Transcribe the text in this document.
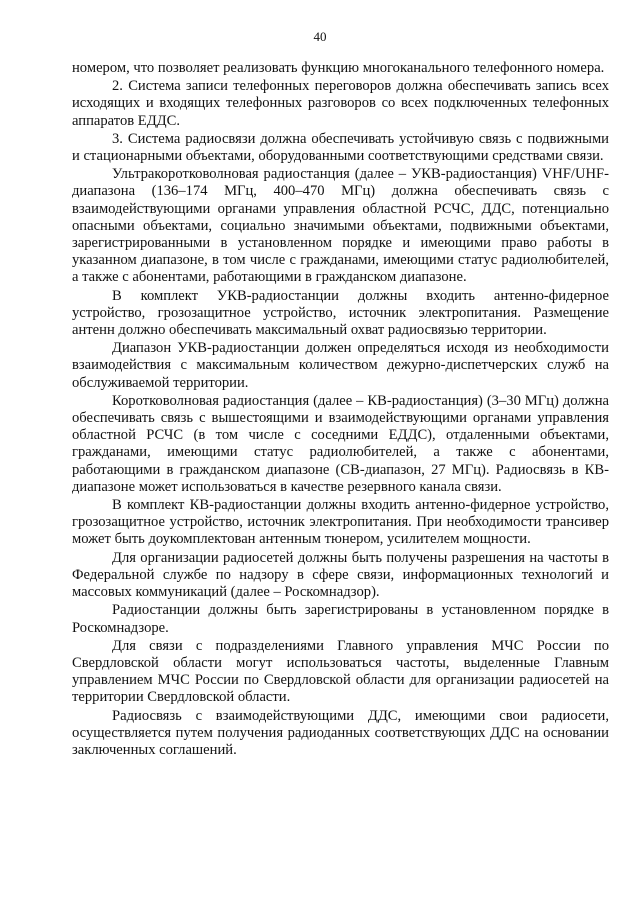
40

номером, что позволяет реализовать функцию многоканального телефонного номера.

2. Система записи телефонных переговоров должна обеспечивать запись всех исходящих и входящих телефонных разговоров со всех подключенных телефонных аппаратов ЕДДС.

3. Система радиосвязи должна обеспечивать устойчивую связь с подвижными и стационарными объектами, оборудованными соответствующими средствами связи.

Ультракоротковолновая радиостанция (далее – УКВ-радиостанция) VHF/UHF-диапазона (136–174 МГц, 400–470 МГц) должна обеспечивать связь с взаимодействующими органами управления областной РСЧС, ДДС, потенциально опасными объектами, социально значимыми объектами, подвижными объектами, зарегистрированными в установленном порядке и имеющими право работы в указанном диапазоне, в том числе с гражданами, имеющими статус радиолюбителей, а также с абонентами, работающими в гражданском диапазоне.

В комплект УКВ-радиостанции должны входить антенно-фидерное устройство, грозозащитное устройство, источник электропитания. Размещение антенн должно обеспечивать максимальный охват радиосвязью территории.

Диапазон УКВ-радиостанции должен определяться исходя из необходимости взаимодействия с максимальным количеством дежурно-диспетчерских служб на обслуживаемой территории.

Коротковолновая радиостанция (далее – КВ-радиостанция) (3–30 МГц) должна обеспечивать связь с вышестоящими и взаимодействующими органами управления областной РСЧС (в том числе с соседними ЕДДС), отдаленными объектами, гражданами, имеющими статус радиолюбителей, а также с абонентами, работающими в гражданском диапазоне (СВ-диапазон, 27 МГц). Радиосвязь в КВ-диапазоне может использоваться в качестве резервного канала связи.

В комплект КВ-радиостанции должны входить антенно-фидерное устройство, грозозащитное устройство, источник электропитания. При необходимости трансивер может быть доукомплектован антенным тюнером, усилителем мощности.

Для организации радиосетей должны быть получены разрешения на частоты в Федеральной службе по надзору в сфере связи, информационных технологий и массовых коммуникаций (далее – Роскомнадзор).

Радиостанции должны быть зарегистрированы в установленном порядке в Роскомнадзоре.

Для связи с подразделениями Главного управления МЧС России по Свердловской области могут использоваться частоты, выделенные Главным управлением МЧС России по Свердловской области для организации радиосетей на территории Свердловской области.

Радиосвязь с взаимодействующими ДДС, имеющими свои радиосети, осуществляется путем получения радиоданных соответствующих ДДС на основании заключенных соглашений.
